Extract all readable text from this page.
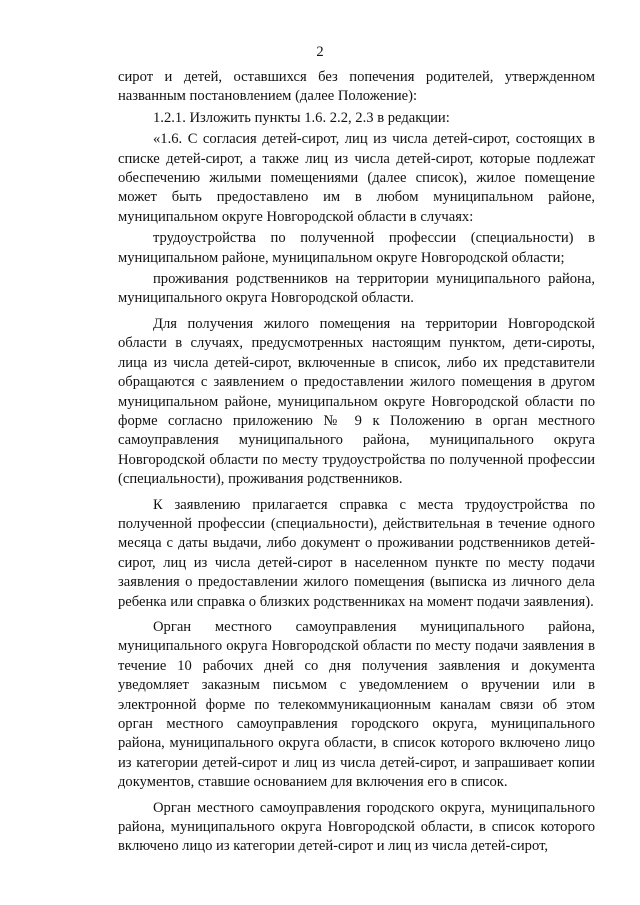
2

сирот и детей, оставшихся без попечения родителей, утвержденном названным постановлением (далее Положение):

1.2.1. Изложить пункты 1.6. 2.2, 2.3 в редакции:

«1.6. С согласия детей-сирот, лиц из числа детей-сирот, состоящих в списке детей-сирот, а также лиц из числа детей-сирот, которые подлежат обеспечению жилыми помещениями (далее список), жилое помещение может быть предоставлено им в любом муниципальном районе, муниципальном округе Новгородской области в случаях:

трудоустройства по полученной профессии (специальности) в муниципальном районе, муниципальном округе Новгородской области;

проживания родственников на территории муниципального района, муниципального округа Новгородской области.

Для получения жилого помещения на территории Новгородской области в случаях, предусмотренных настоящим пунктом, дети-сироты, лица из числа детей-сирот, включенные в список, либо их представители обращаются с заявлением о предоставлении жилого помещения в другом муниципальном районе, муниципальном округе Новгородской области по форме согласно приложению № 9 к Положению в орган местного самоуправления муниципального района, муниципального округа Новгородской области по месту трудоустройства по полученной профессии (специальности), проживания родственников.

К заявлению прилагается справка с места трудоустройства по полученной профессии (специальности), действительная в течение одного месяца с даты выдачи, либо документ о проживании родственников детей-сирот, лиц из числа детей-сирот в населенном пункте по месту подачи заявления о предоставлении жилого помещения (выписка из личного дела ребенка или справка о близких родственниках на момент подачи заявления).

Орган местного самоуправления муниципального района, муниципального округа Новгородской области по месту подачи заявления в течение 10 рабочих дней со дня получения заявления и документа уведомляет заказным письмом с уведомлением о вручении или в электронной форме по телекоммуникационным каналам связи об этом орган местного самоуправления городского округа, муниципального района, муниципального округа области, в список которого включено лицо из категории детей-сирот и лиц из числа детей-сирот, и запрашивает копии документов, ставшие основанием для включения его в список.

Орган местного самоуправления городского округа, муниципального района, муниципального округа Новгородской области, в список которого включено лицо из категории детей-сирот и лиц из числа детей-сирот,
